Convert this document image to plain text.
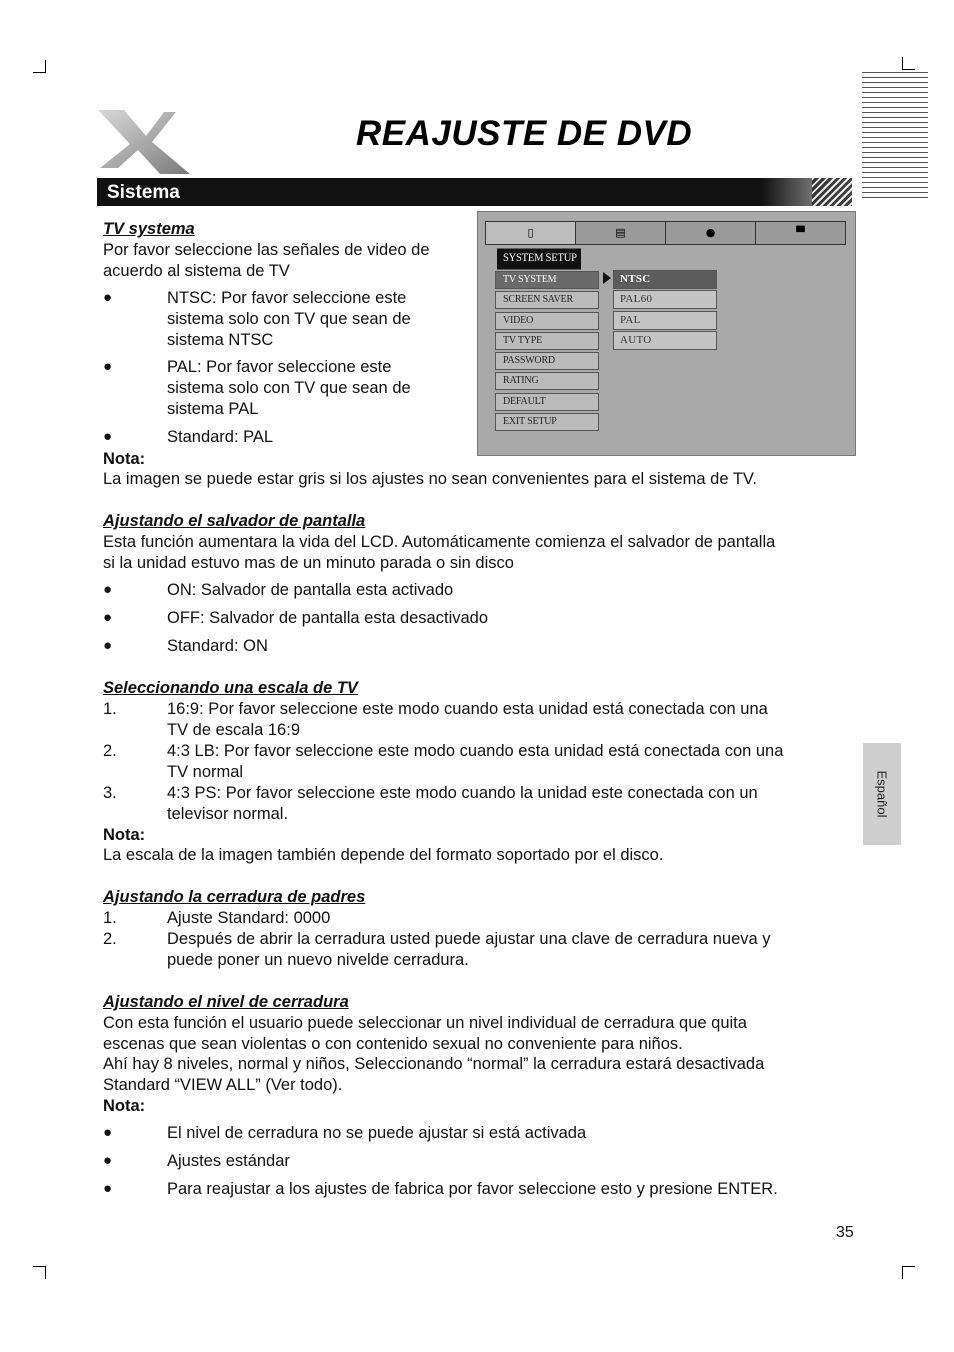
REAJUSTE DE DVD
Sistema
Español
▯	▤	●	▀
SYSTEM SETUP
TV SYSTEM
SCREEN SAVER
VIDEO
TV TYPE
PASSWORD
RATING
DEFAULT
EXIT SETUP
NTSC
PAL60
PAL
AUTO
TV systema
Por favor seleccione las señales de video de
acuerdo al sistema de TV
●	NTSC: Por favor seleccione este
sistema solo con TV que sean de
sistema NTSC
●	PAL: Por favor seleccione este
sistema solo con TV que sean de
sistema PAL
●	Standard: PAL
Nota:
La imagen se puede estar gris si los ajustes no sean convenientes para el sistema de TV.
Ajustando el salvador de pantalla
Esta función aumentara la vida del LCD. Automáticamente comienza el salvador de pantalla
si la unidad estuvo mas de un minuto parada o sin disco
●	ON: Salvador de pantalla esta activado
●	OFF: Salvador de pantalla esta desactivado
●	Standard: ON
Seleccionando una escala de TV
1.	16:9: Por favor seleccione este modo cuando esta unidad está conectada con una
TV de escala 16:9
2.	4:3 LB: Por favor seleccione este modo cuando esta unidad está conectada con una
TV normal
3.	4:3 PS: Por favor seleccione este modo cuando la unidad este conectada con un
televisor normal.
Nota:
La escala de la imagen también depende del formato soportado por el disco.
Ajustando la cerradura de padres
1.	Ajuste Standard: 0000
2.	Después de abrir la cerradura usted puede ajustar una clave de cerradura nueva y
puede poner un nuevo nivelde cerradura.
Ajustando el nivel de cerradura
Con esta función el usuario puede seleccionar un nivel individual de cerradura que quita
escenas que sean violentas o con contenido sexual no conveniente para niños.
Ahí hay 8 niveles, normal y niños, Seleccionando “normal” la cerradura estará desactivada
Standard “VIEW ALL” (Ver todo).
Nota:
●	El nivel de cerradura no se puede ajustar si está activada
●	Ajustes estándar
●	Para reajustar a los ajustes de fabrica por favor seleccione esto y presione ENTER.
35
